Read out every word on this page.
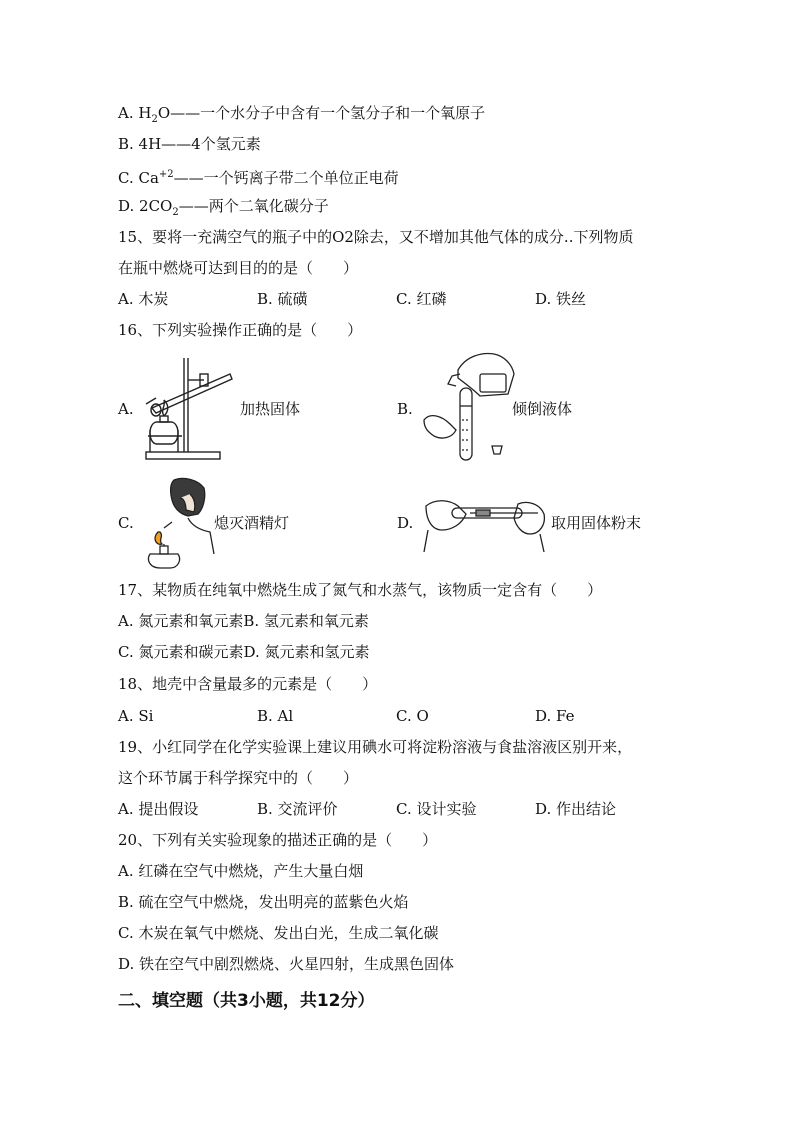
A. $H_2O——$一个水分子中含有一个氢分子和一个氧原子
B. 4H——4个氢元素
C. $Ca^{+2}——$一个钙离子带二个单位正电荷
D. $2CO_2——$两个二氧化碳分子
15、要将一充满空气的瓶子中的O2除去，又不增加其他气体的成分..下列物质
在瓶中燃烧可达到目的的是（　　）
A. 木炭	B. 硫磺	C. 红磷	D. 铁丝
16、下列实验操作正确的是（　　）
A.	加热固体	B.	倾倒液体
C.	熄灭酒精灯	D.	取用固体粉末
17、某物质在纯氧中燃烧生成了氮气和水蒸气，该物质一定含有（　　）
A. 氮元素和氧元素B. 氢元素和氧元素
C. 氮元素和碳元素D. 氮元素和氢元素
18、地壳中含量最多的元素是（　　）
A. Si	B. Al	C. O	D. Fe
19、小红同学在化学实验课上建议用碘水可将淀粉溶液与食盐溶液区别开来，
这个环节属于科学探究中的（　　）
A. 提出假设	B. 交流评价	C. 设计实验	D. 作出结论
20、下列有关实验现象的描述正确的是（　　）
A. 红磷在空气中燃烧，产生大量白烟
B. 硫在空气中燃烧，发出明亮的蓝紫色火焰
C. 木炭在氧气中燃烧、发出白光，生成二氧化碳
D. 铁在空气中剧烈燃烧、火星四射，生成黑色固体
二、填空题（共3小题，共12分）
